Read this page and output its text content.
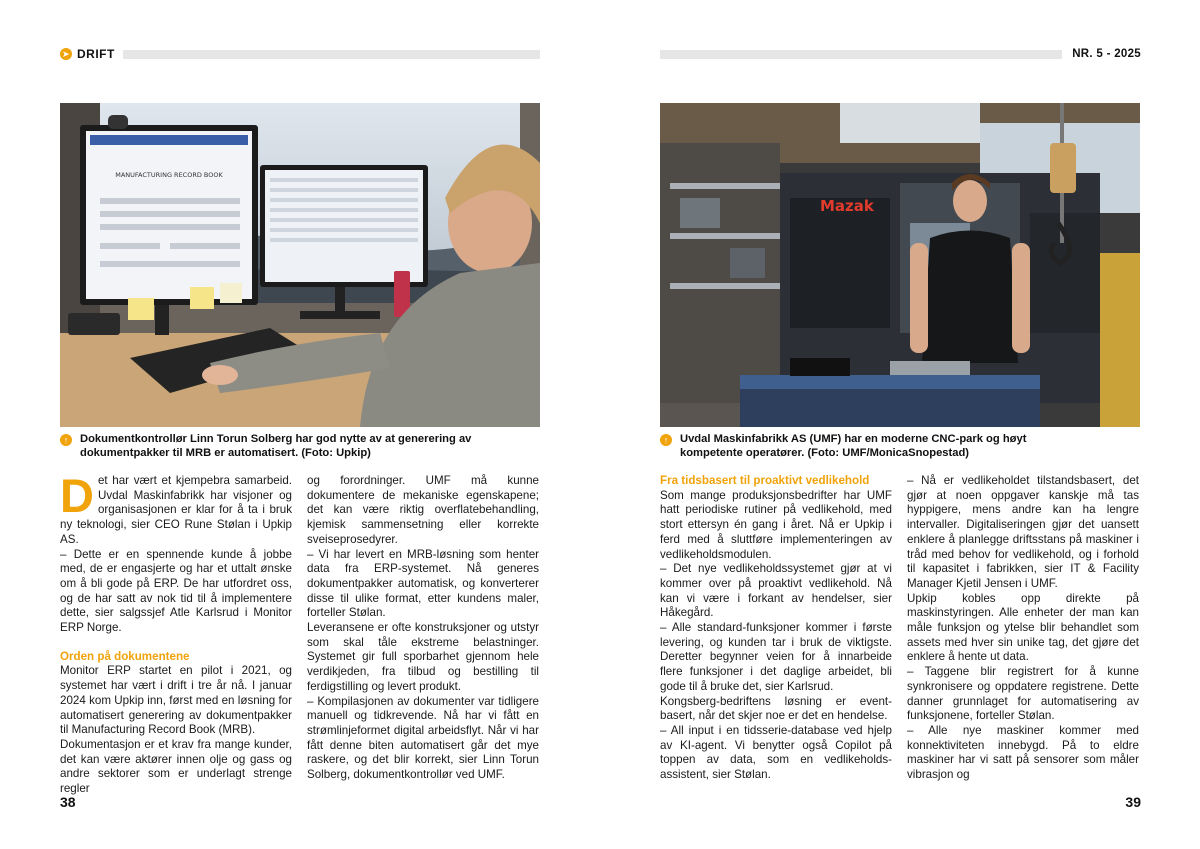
➤ DRIFT
MANUFACTURING RECORD BOOK
↑	Dokumentkontrollør Linn Torun Solberg har god nytte av at generering av dokumentpakker til MRB er automatisert. (Foto: Upkip)

Det har vært et kjempebra samarbeid. Uvdal Maskinfabrikk har visjoner og organisasjonen er klar for å ta i bruk ny teknologi, sier CEO Rune Stølan i Upkip AS.

– Dette er en spennende kunde å jobbe med, de er engasjerte og har et uttalt ønske om å bli gode på ERP. De har utfordret oss, og de har satt av nok tid til å implementere dette, sier salgssjef Atle Karlsrud i Monitor ERP Norge.

Orden på dokumentene

Monitor ERP startet en pilot i 2021, og systemet har vært i drift i tre år nå. I januar 2024 kom Upkip inn, først med en løsning for automatisert generering av dokumentpakker til Manufacturing Record Book (MRB).

Dokumentasjon er et krav fra mange kunder, det kan være aktører innen olje og gass og andre sektorer som er underlagt strenge regler

og forordninger. UMF må kunne dokumentere de mekaniske egenskapene; det kan være riktig overflatebehandling, kjemisk sammensetning eller korrekte sveiseprosedyrer.

– Vi har levert en MRB-løsning som henter data fra ERP-systemet. Nå generes dokumentpakker automatisk, og konverterer disse til ulike format, etter kundens maler, forteller Stølan.

Leveransene er ofte konstruksjoner og utstyr som skal tåle ekstreme belastninger. Systemet gir full sporbarhet gjennom hele verdikjeden, fra tilbud og bestilling til ferdigstilling og levert produkt.

– Kompilasjonen av dokumenter var tidligere manuell og tidkrevende. Nå har vi fått en strømlinjeformet digital arbeidsflyt. Når vi har fått denne biten automatisert går det mye raskere, og det blir korrekt, sier Linn Torun Solberg, dokumentkontrollør ved UMF.

38
NR. 5 - 2025
Mazak
↑	Uvdal Maskinfabrikk AS (UMF) har en moderne CNC-park og høyt kompetente operatører. (Foto: UMF/MonicaSnopestad)

Fra tidsbasert til proaktivt vedlikehold

Som mange produksjonsbedrifter har UMF hatt periodiske rutiner på vedlikehold, med stort ettersyn én gang i året. Nå er Upkip i ferd med å sluttføre implementeringen av vedlikeholdsmodulen.

– Det nye vedlikeholdssystemet gjør at vi kommer over på proaktivt vedlikehold. Nå kan vi være i forkant av hendelser, sier Håkegård.

– Alle standard-funksjoner kommer i første levering, og kunden tar i bruk de viktigste. Deretter begynner veien for å innarbeide flere funksjoner i det daglige arbeidet, bli gode til å bruke det, sier Karlsrud.

Kongsberg-bedriftens løsning er event-basert, når det skjer noe er det en hendelse.

– All input i en tidsserie-database ved hjelp av KI-agent. Vi benytter også Copilot på toppen av data, som en vedlikeholds-assistent, sier Stølan.

– Nå er vedlikeholdet tilstandsbasert, det gjør at noen oppgaver kanskje må tas hyppigere, mens andre kan ha lengre intervaller. Digitaliseringen gjør det uansett enklere å planlegge driftsstans på maskiner i tråd med behov for vedlikehold, og i forhold til kapasitet i fabrikken, sier IT & Facility Manager Kjetil Jensen i UMF.

Upkip kobles opp direkte på maskinstyringen. Alle enheter der man kan måle funksjon og ytelse blir behandlet som assets med hver sin unike tag, det gjøre det enklere å hente ut data.

– Taggene blir registrert for å kunne synkronisere og oppdatere registrene. Dette danner grunnlaget for automatisering av funksjonene, forteller Stølan.

– Alle nye maskiner kommer med konnektiviteten innebygd. På to eldre maskiner har vi satt på sensorer som måler vibrasjon og

39
